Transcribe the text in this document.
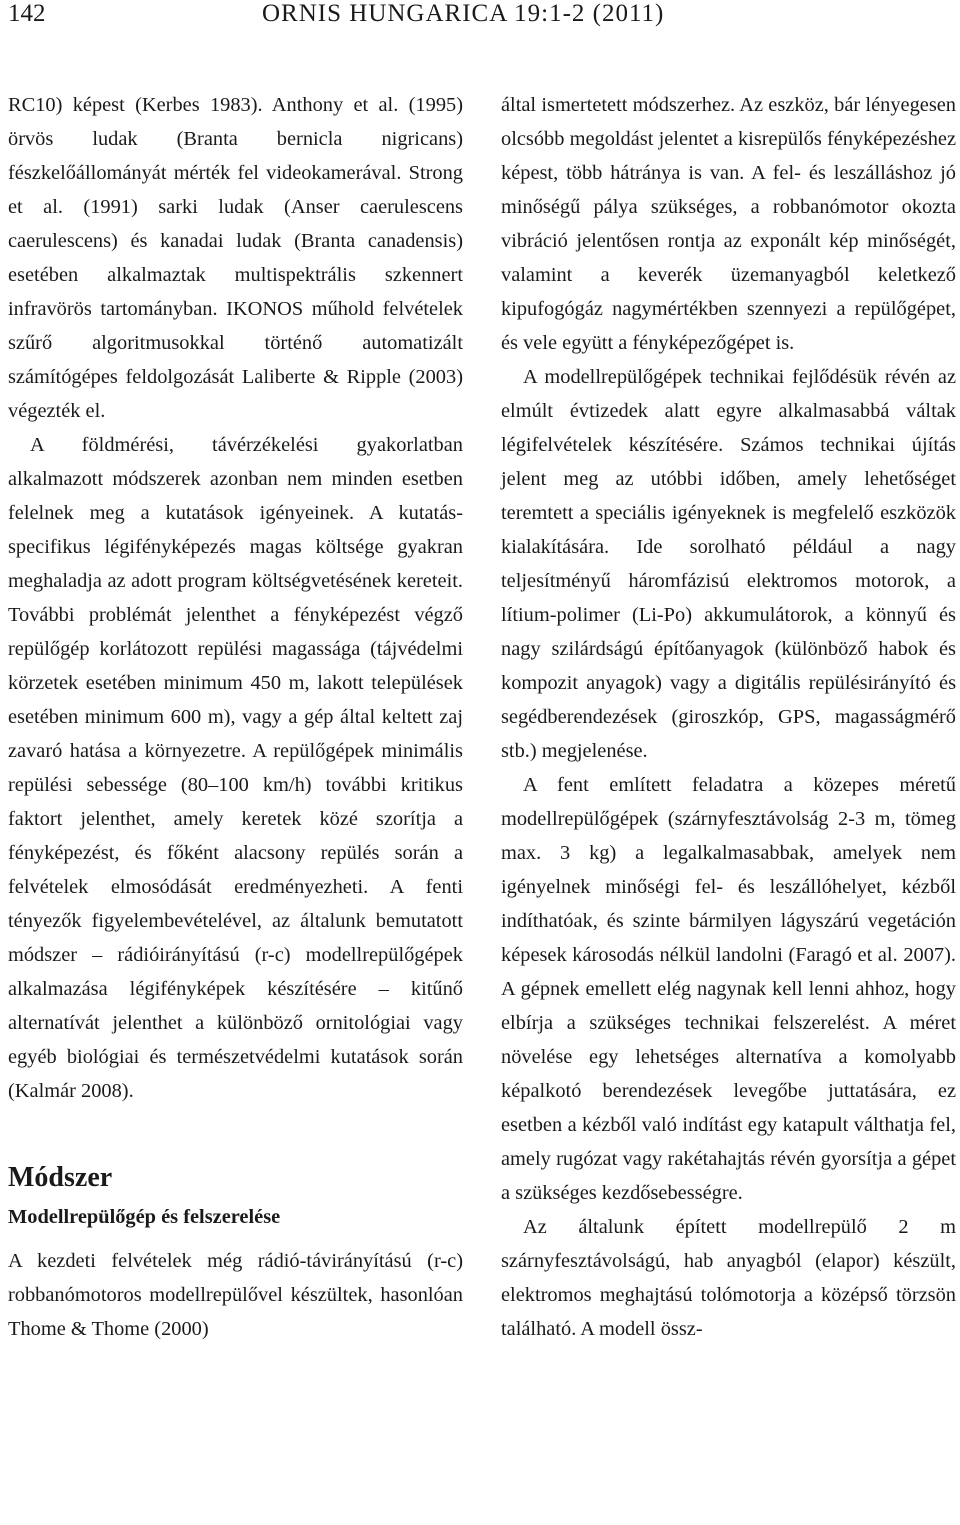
142	ORNIS HUNGARICA 19:1-2 (2011)

RC10) képest (Kerbes 1983). Anthony et al. (1995) örvös ludak (Branta bernicla nigricans) fészkelőállományát mérték fel videokamerával. Strong et al. (1991) sarki ludak (Anser caerulescens caerulescens) és kanadai ludak (Branta canadensis) esetében alkalmaztak multispektrális szkennert infravörös tartományban. IKONOS műhold felvételek szűrő algoritmusokkal történő automatizált számítógépes feldolgozását Laliberte & Ripple (2003) végezték el.

A földmérési, távérzékelési gyakorlatban alkalmazott módszerek azonban nem minden esetben felelnek meg a kutatások igényeinek. A kutatás-specifikus légifényképezés magas költsége gyakran meghaladja az adott program költségvetésének kereteit. További problémát jelenthet a fényképezést végző repülőgép korlátozott repülési magassága (tájvédelmi körzetek esetében minimum 450 m, lakott települések esetében minimum 600 m), vagy a gép által keltett zaj zavaró hatása a környezetre. A repülőgépek minimális repülési sebessége (80–100 km/h) további kritikus faktort jelenthet, amely keretek közé szorítja a fényképezést, és főként alacsony repülés során a felvételek elmosódását eredményezheti. A fenti tényezők figyelembevételével, az általunk bemutatott módszer – rádióirányítású (r-c) modellrepülőgépek alkalmazása légifényképek készítésére – kitűnő alternatívát jelenthet a különböző ornitológiai vagy egyéb biológiai és természetvédelmi kutatások során (Kalmár 2008).

Módszer
Modellrepülőgép és felszerelése

A kezdeti felvételek még rádió-távirányítású (r-c) robbanómotoros modellrepülővel készültek, hasonlóan Thome & Thome (2000)

által ismertetett módszerhez. Az eszköz, bár lényegesen olcsóbb megoldást jelentet a kisrepülős fényképezéshez képest, több hátránya is van. A fel- és leszálláshoz jó minőségű pálya szükséges, a robbanómotor okozta vibráció jelentősen rontja az exponált kép minőségét, valamint a keverék üzemanyagból keletkező kipufogógáz nagymértékben szennyezi a repülőgépet, és vele együtt a fényképezőgépet is.

A modellrepülőgépek technikai fejlődésük révén az elmúlt évtizedek alatt egyre alkalmasabbá váltak légifelvételek készítésére. Számos technikai újítás jelent meg az utóbbi időben, amely lehetőséget teremtett a speciális igényeknek is megfelelő eszközök kialakítására. Ide sorolható például a nagy teljesítményű háromfázisú elektromos motorok, a lítium-polimer (Li-Po) akkumulátorok, a könnyű és nagy szilárdságú építőanyagok (különböző habok és kompozit anyagok) vagy a digitális repülésirányító és segédberendezések (giroszkóp, GPS, magasságmérő stb.) megjelenése.

A fent említett feladatra a közepes méretű modellrepülőgépek (szárnyfesztávolság 2-3 m, tömeg max. 3 kg) a legalkalmasabbak, amelyek nem igényelnek minőségi fel- és leszállóhelyet, kézből indíthatóak, és szinte bármilyen lágyszárú vegetáción képesek károsodás nélkül landolni (Faragó et al. 2007). A gépnek emellett elég nagynak kell lenni ahhoz, hogy elbírja a szükséges technikai felszerelést. A méret növelése egy lehetséges alternatíva a komolyabb képalkotó berendezések levegőbe juttatására, ez esetben a kézből való indítást egy katapult válthatja fel, amely rugózat vagy rakétahajtás révén gyorsítja a gépet a szükséges kezdősebességre.

Az általunk épített modellrepülő 2 m szárnyfesztávolságú, hab anyagból (elapor) készült, elektromos meghajtású tolómotorja a középső törzsön található. A modell össz-
